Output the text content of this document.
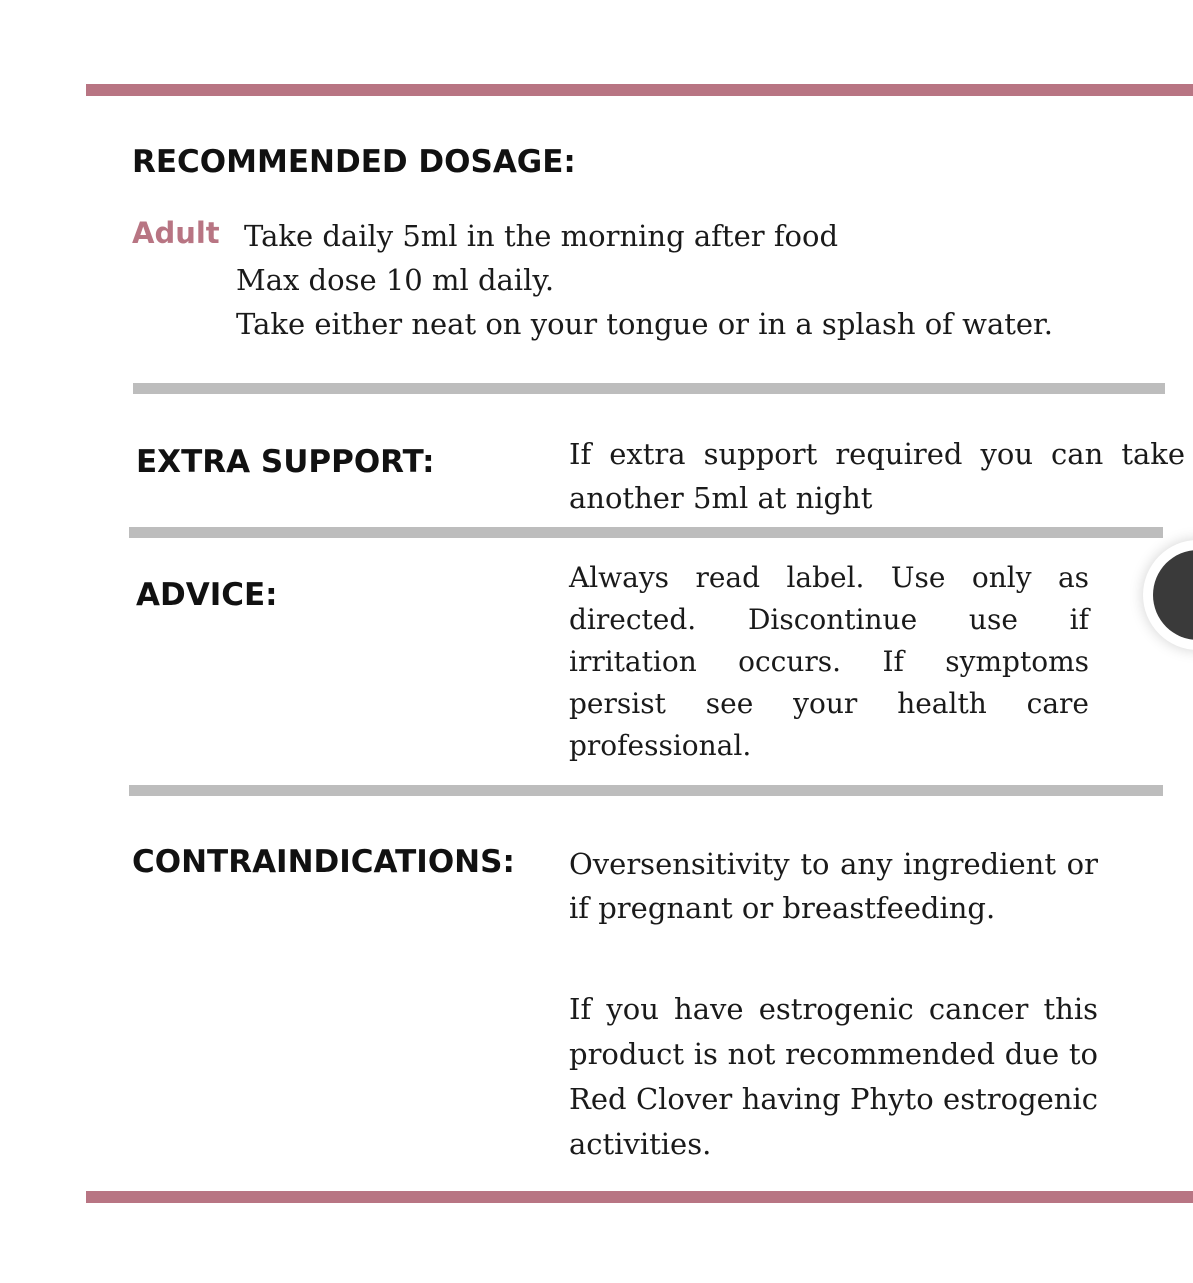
RECOMMENDED DOSAGE:
Adult Take daily 5ml in the morning after food
Max dose 10 ml daily.
Take either neat on your tongue or in a splash of water.
EXTRA SUPPORT:	If extra support required you can take another 5ml at night
ADVICE:	Always read label. Use only as directed. Discontinue use if irritation occurs. If symptoms persist see your health care professional.
CONTRAINDICATIONS: Oversensitivity to any ingredient or if pregnant or breastfeeding.
If you have estrogenic cancer this product is not recommended due to Red Clover having Phyto estrogenic activities.
